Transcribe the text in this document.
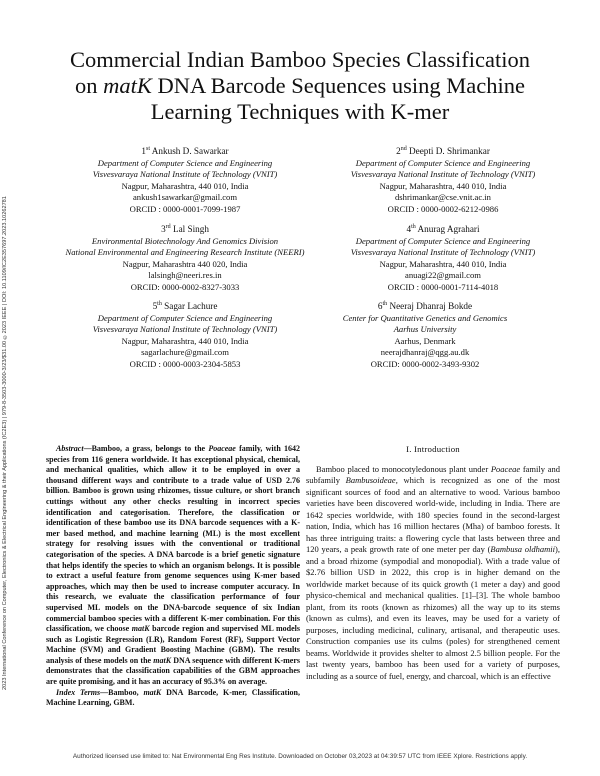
2023 International Conference on Computer, Electronics & Electrical Engineering & their Applications (IC2E3) | 979-8-3503-3000-3/23/$31.00 ©2023 IEEE | DOI: 10.1109/IC2E357697.2023.10262781
Commercial Indian Bamboo Species Classification
on matK DNA Barcode Sequences using Machine
Learning Techniques with K-mer
1st Ankush D. Sawarkar
Department of Computer Science and Engineering
Visvesvaraya National Institute of Technology (VNIT)
Nagpur, Maharashtra, 440 010, India
ankush1sawarkar@gmail.com
ORCID : 0000-0001-7099-1987
2nd Deepti D. Shrimankar
Department of Computer Science and Engineering
Visvesvaraya National Institute of Technology (VNIT)
Nagpur, Maharashtra, 440 010, India
dshrimankar@cse.vnit.ac.in
ORCID : 0000-0002-6212-0986
3rd Lal Singh
Environmental Biotechnology And Genomics Division
National Environmental and Engineering Research Institute (NEERI)
Nagpur, Maharashtra 440 020, India
lalsingh@neeri.res.in
ORCID: 0000-0002-8327-3033
4th Anurag Agrahari
Department of Computer Science and Engineering
Visvesvaraya National Institute of Technology (VNIT)
Nagpur, Maharashtra, 440 010, India
anuagi22@gmail.com
ORCID : 0000-0001-7114-4018
5th Sagar Lachure
Department of Computer Science and Engineering
Visvesvaraya National Institute of Technology (VNIT)
Nagpur, Maharashtra, 440 010, India
sagarlachure@gmail.com
ORCID : 0000-0003-2304-5853
6th Neeraj Dhanraj Bokde
Center for Quantitative Genetics and Genomics
Aarhus University
Aarhus, Denmark
neerajdhanraj@qgg.au.dk
ORCID: 0000-0002-3493-9302

Abstract—Bamboo, a grass, belongs to the Poaceae family, with 1642 species from 116 genera worldwide. It has exceptional physical, chemical, and mechanical qualities, which allow it to be employed in over a thousand different ways and contribute to a trade value of USD 2.76 billion. Bamboo is grown using rhizomes, tissue culture, or short branch cuttings without any other checks resulting in incorrect species identification and categorisation. Therefore, the classification or identification of these bamboo use its DNA barcode sequences with a K-mer based method, and machine learning (ML) is the most excellent strategy for resolving issues with the conventional or traditional categorisation of the species. A DNA barcode is a brief genetic signature that helps identify the species to which an organism belongs. It is possible to extract a useful feature from genome sequences using K-mer based approaches, which may then be used to increase computer accuracy. In this research, we evaluate the classification performance of four supervised ML models on the DNA-barcode sequence of six Indian commercial bamboo species with a different K-mer combination. For this classification, we choose matK barcode region and supervised ML models such as Logistic Regression (LR), Random Forest (RF), Support Vector Machine (SVM) and Gradient Boosting Machine (GBM). The results analysis of these models on the matK DNA sequence with different K-mers demonstrates that the classification capabilities of the GBM approaches are quite promising, and it has an accuracy of 95.3% on average.

Index Terms—Bamboo, matK DNA Barcode, K-mer, Classification, Machine Learning, GBM.

I. Introduction

Bamboo placed to monocotyledonous plant under Poaceae family and subfamily Bambusoideae, which is recognized as one of the most significant sources of food and an alternative to wood. Various bamboo varieties have been discovered world-wide, including in India. There are 1642 species worldwide, with 180 species found in the second-largest nation, India, which has 16 million hectares (Mha) of bamboo forests. It has three intriguing traits: a flowering cycle that lasts between three and 120 years, a peak growth rate of one meter per day (Bambusa oldhamii), and a broad rhizome (sympodial and monopodial). With a trade value of $2.76 billion USD in 2022, this crop is in higher demand on the worldwide market because of its quick growth (1 meter a day) and good physico-chemical and mechanical qualities. [1]–[3]. The whole bamboo plant, from its roots (known as rhizomes) all the way up to its stems (known as culms), and even its leaves, may be used for a variety of purposes, including medicinal, culinary, artisanal, and therapeutic uses. Construction companies use its culms (poles) for strengthened cement beams. Worldwide it provides shelter to almost 2.5 billion people. For the last twenty years, bamboo has been used for a variety of purposes, including as a source of fuel, energy, and charcoal, which is an effective

Authorized licensed use limited to: Nat Environmental Eng Res Institute. Downloaded on October 03,2023 at 04:39:57 UTC from IEEE Xplore. Restrictions apply.
